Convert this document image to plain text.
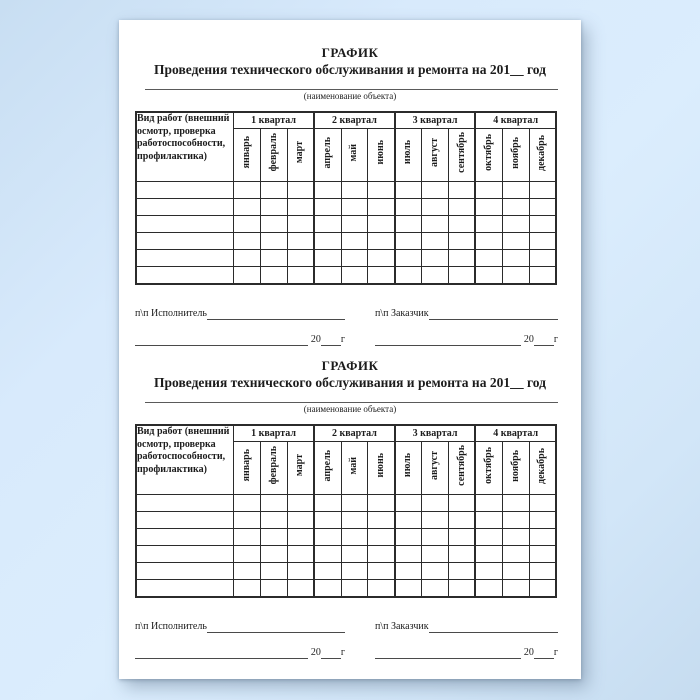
ГРАФИК
Проведения технического обслуживания и ремонта на 201__ год
(наименование объекта)
Вид работ (внешний осмотр, проверка работоспособности, профилактика)	1 квартал			2 квартал			3 квартал			4 квартал		
	январь	февраль	март	апрель	май	июнь	июль	август	сентябрь	октябрь	ноябрь	декабрь

п\п Исполнитель
20 г
п\п Заказчик
20 г
ГРАФИК
Проведения технического обслуживания и ремонта на 201__ год
(наименование объекта)
Вид работ (внешний осмотр, проверка работоспособности, профилактика)	1 квартал			2 квартал			3 квартал			4 квартал		
	январь	февраль	март	апрель	май	июнь	июль	август	сентябрь	октябрь	ноябрь	декабрь

п\п Исполнитель
20 г
п\п Заказчик
20 г
